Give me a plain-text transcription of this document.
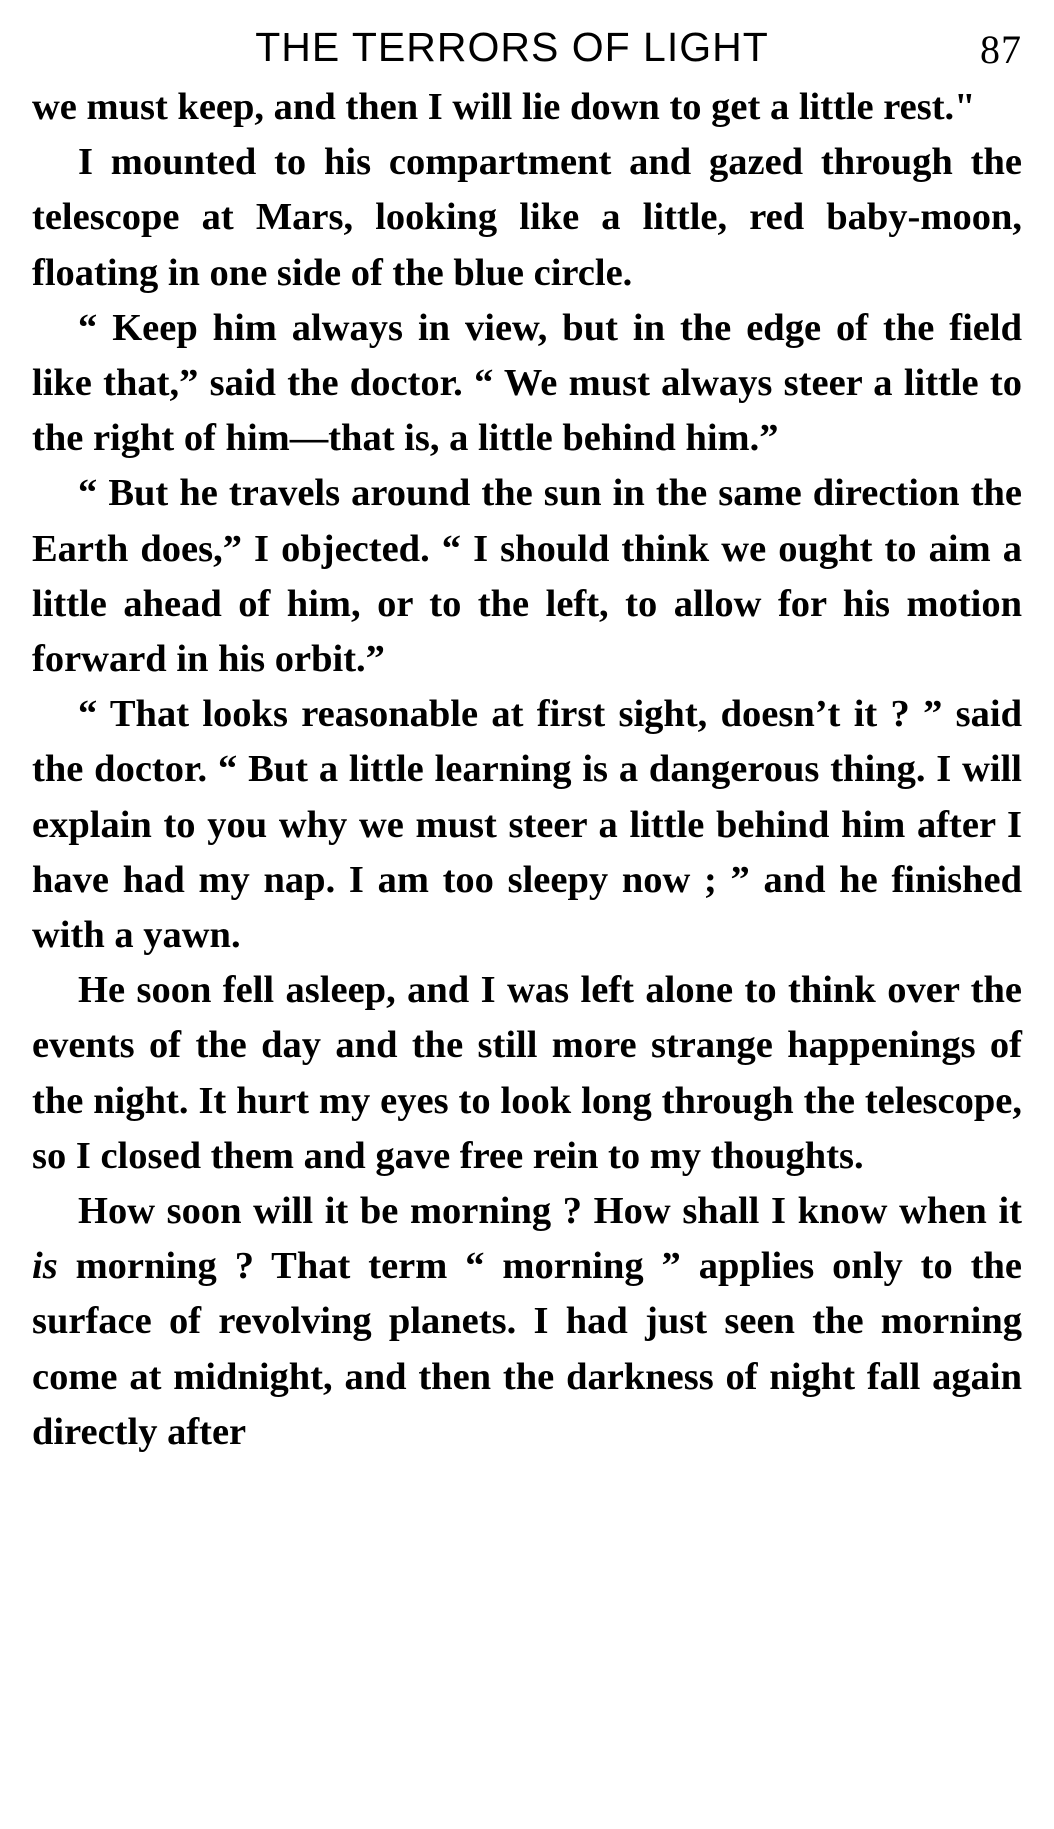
THE TERRORS OF LIGHT	87

we must keep, and then I will lie down to get a little rest."

I mounted to his compartment and gazed through the telescope at Mars, looking like a little, red baby-moon, floating in one side of the blue circle.

“ Keep him always in view, but in the edge of the field like that,” said the doctor. “ We must always steer a little to the right of him—that is, a little behind him.”

“ But he travels around the sun in the same direction the Earth does,” I objected. “ I should think we ought to aim a little ahead of him, or to the left, to allow for his motion forward in his orbit.”

“ That looks reasonable at first sight, doesn’t it ? ” said the doctor. “ But a little learning is a dangerous thing. I will explain to you why we must steer a little behind him after I have had my nap. I am too sleepy now ; ” and he finished with a yawn.

He soon fell asleep, and I was left alone to think over the events of the day and the still more strange happenings of the night. It hurt my eyes to look long through the telescope, so I closed them and gave free rein to my thoughts.

How soon will it be morning ? How shall I know when it is morning ? That term “ morning ” applies only to the surface of revolving planets. I had just seen the morning come at midnight, and then the darkness of night fall again directly after
